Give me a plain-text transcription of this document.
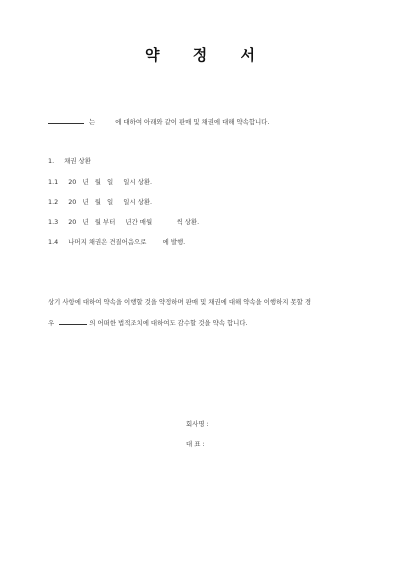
약 정 서
는	에 대하여 아래와 같이 판매 및 채권에 대해 약속합니다.
1. 채권 상환
1.1 20   년   월   일     일시 상환.
1.2 20   년   월   일     일시 상환.
1.3 20   년   월 부터     년간 매월            씩 상환.
1.4 나머지 채권은 견질어음으로        에 발행.
상기 사항에 대하여 약속을 이행할 것을 약정하며 판매 및 채권에 대해 약속을 이행하지 못할 경
우	의 어떠한 법적조치에 대하여도 감수할 것을 약속 합니다.
회사명 :
대 표 :
